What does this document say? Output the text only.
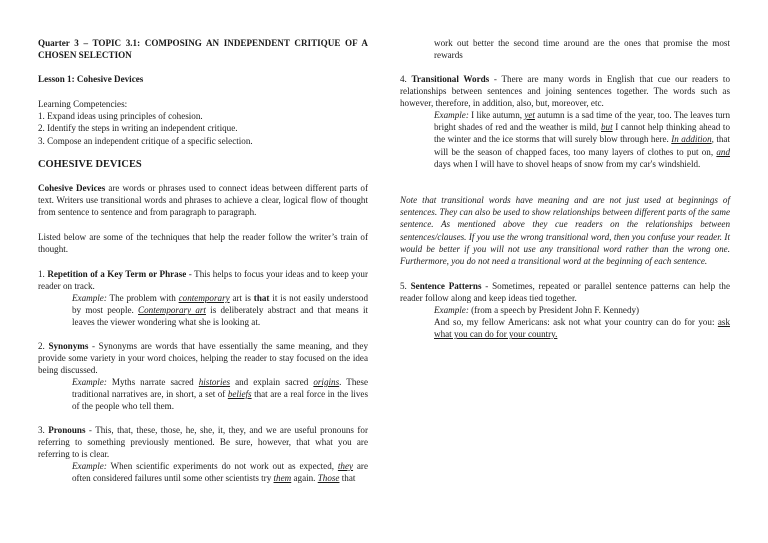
Quarter 3 – TOPIC 3.1: COMPOSING AN INDEPENDENT CRITIQUE OF A CHOSEN SELECTION

Lesson 1: Cohesive Devices

Learning Competencies:

1. Expand ideas using principles of cohesion.

2. Identify the steps in writing an independent critique.

3. Compose an independent critique of a specific selection.

COHESIVE DEVICES

Cohesive Devices are words or phrases used to connect ideas between different parts of text. Writers use transitional words and phrases to achieve a clear, logical flow of thought from sentence to sentence and from paragraph to paragraph.

Listed below are some of the techniques that help the reader follow the writer’s train of thought.

1. Repetition of a Key Term or Phrase - This helps to focus your ideas and to keep your reader on track.

Example: The problem with contemporary art is that it is not easily understood by most people. Contemporary art is deliberately abstract and that means it leaves the viewer wondering what she is looking at.

2. Synonyms - Synonyms are words that have essentially the same meaning, and they provide some variety in your word choices, helping the reader to stay focused on the idea being discussed.

Example: Myths narrate sacred histories and explain sacred origins. These traditional narratives are, in short, a set of beliefs that are a real force in the lives of the people who tell them.

3. Pronouns - This, that, these, those, he, she, it, they, and we are useful pronouns for referring to something previously mentioned. Be sure, however, that what you are referring to is clear.

Example: When scientific experiments do not work out as expected, they are often considered failures until some other scientists try them again. Those that

work out better the second time around are the ones that promise the most rewards

4. Transitional Words - There are many words in English that cue our readers to relationships between sentences and joining sentences together. The words such as however, therefore, in addition, also, but, moreover, etc.

Example: I like autumn, yet autumn is a sad time of the year, too. The leaves turn bright shades of red and the weather is mild, but I cannot help thinking ahead to the winter and the ice storms that will surely blow through here. In addition, that will be the season of chapped faces, too many layers of clothes to put on, and days when I will have to shovel heaps of snow from my car's windshield.

Note that transitional words have meaning and are not just used at beginnings of sentences. They can also be used to show relationships between different parts of the same sentence. As mentioned above they cue readers on the relationships between sentences/clauses. If you use the wrong transitional word, then you confuse your reader. It would be better if you will not use any transitional word rather than the wrong one. Furthermore, you do not need a transitional word at the beginning of each sentence.

5. Sentence Patterns - Sometimes, repeated or parallel sentence patterns can help the reader follow along and keep ideas tied together.

Example: (from a speech by President John F. Kennedy)

And so, my fellow Americans: ask not what your country can do for you: ask what you can do for your country.
